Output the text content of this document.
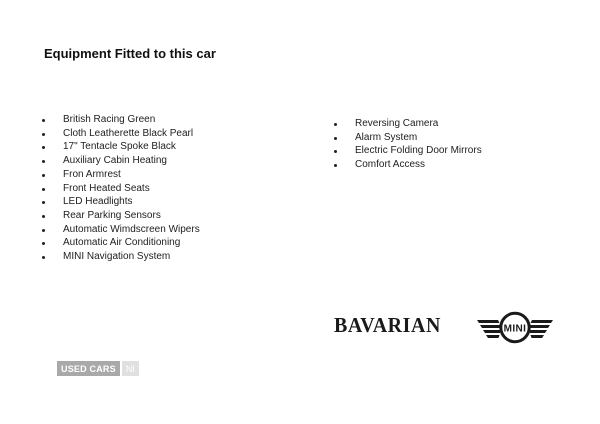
Equipment Fitted to this car
British Racing Green
Cloth Leatherette Black Pearl
17" Tentacle Spoke Black
Auxiliary Cabin Heating
Fron Armrest
Front Heated Seats
LED Headlights
Rear Parking Sensors
Automatic Wimdscreen Wipers
Automatic Air Conditioning
MINI Navigation System
Reversing Camera
Alarm System
Electric Folding Door Mirrors
Comfort Access
BAVARIAN	MINI
USED CARS	NI
